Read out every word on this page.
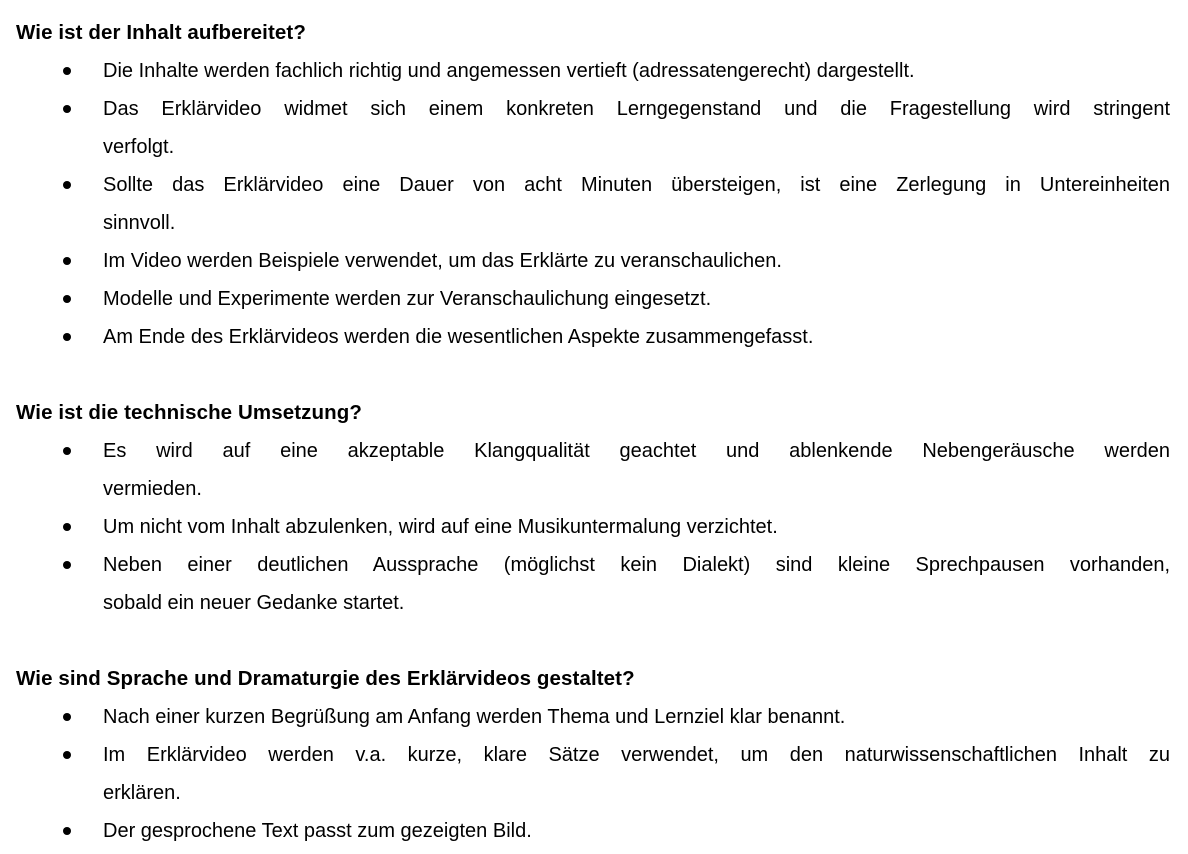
Wie ist der Inhalt aufbereitet?
Die Inhalte werden fachlich richtig und angemessen vertieft (adressatengerecht) dargestellt.
Das Erklärvideo widmet sich einem konkreten Lerngegenstand und die Fragestellung wird stringent
verfolgt.
Sollte das Erklärvideo eine Dauer von acht Minuten übersteigen, ist eine Zerlegung in Untereinheiten
sinnvoll.
Im Video werden Beispiele verwendet, um das Erklärte zu veranschaulichen.
Modelle und Experimente werden zur Veranschaulichung eingesetzt.
Am Ende des Erklärvideos werden die wesentlichen Aspekte zusammengefasst.
Wie ist die technische Umsetzung?
Es wird auf eine akzeptable Klangqualität geachtet und ablenkende Nebengeräusche werden
vermieden.
Um nicht vom Inhalt abzulenken, wird auf eine Musikuntermalung verzichtet.
Neben einer deutlichen Aussprache (möglichst kein Dialekt) sind kleine Sprechpausen vorhanden,
sobald ein neuer Gedanke startet.
Wie sind Sprache und Dramaturgie des Erklärvideos gestaltet?
Nach einer kurzen Begrüßung am Anfang werden Thema und Lernziel klar benannt.
Im Erklärvideo werden v.a. kurze, klare Sätze verwendet, um den naturwissenschaftlichen Inhalt zu
erklären.
Der gesprochene Text passt zum gezeigten Bild.
